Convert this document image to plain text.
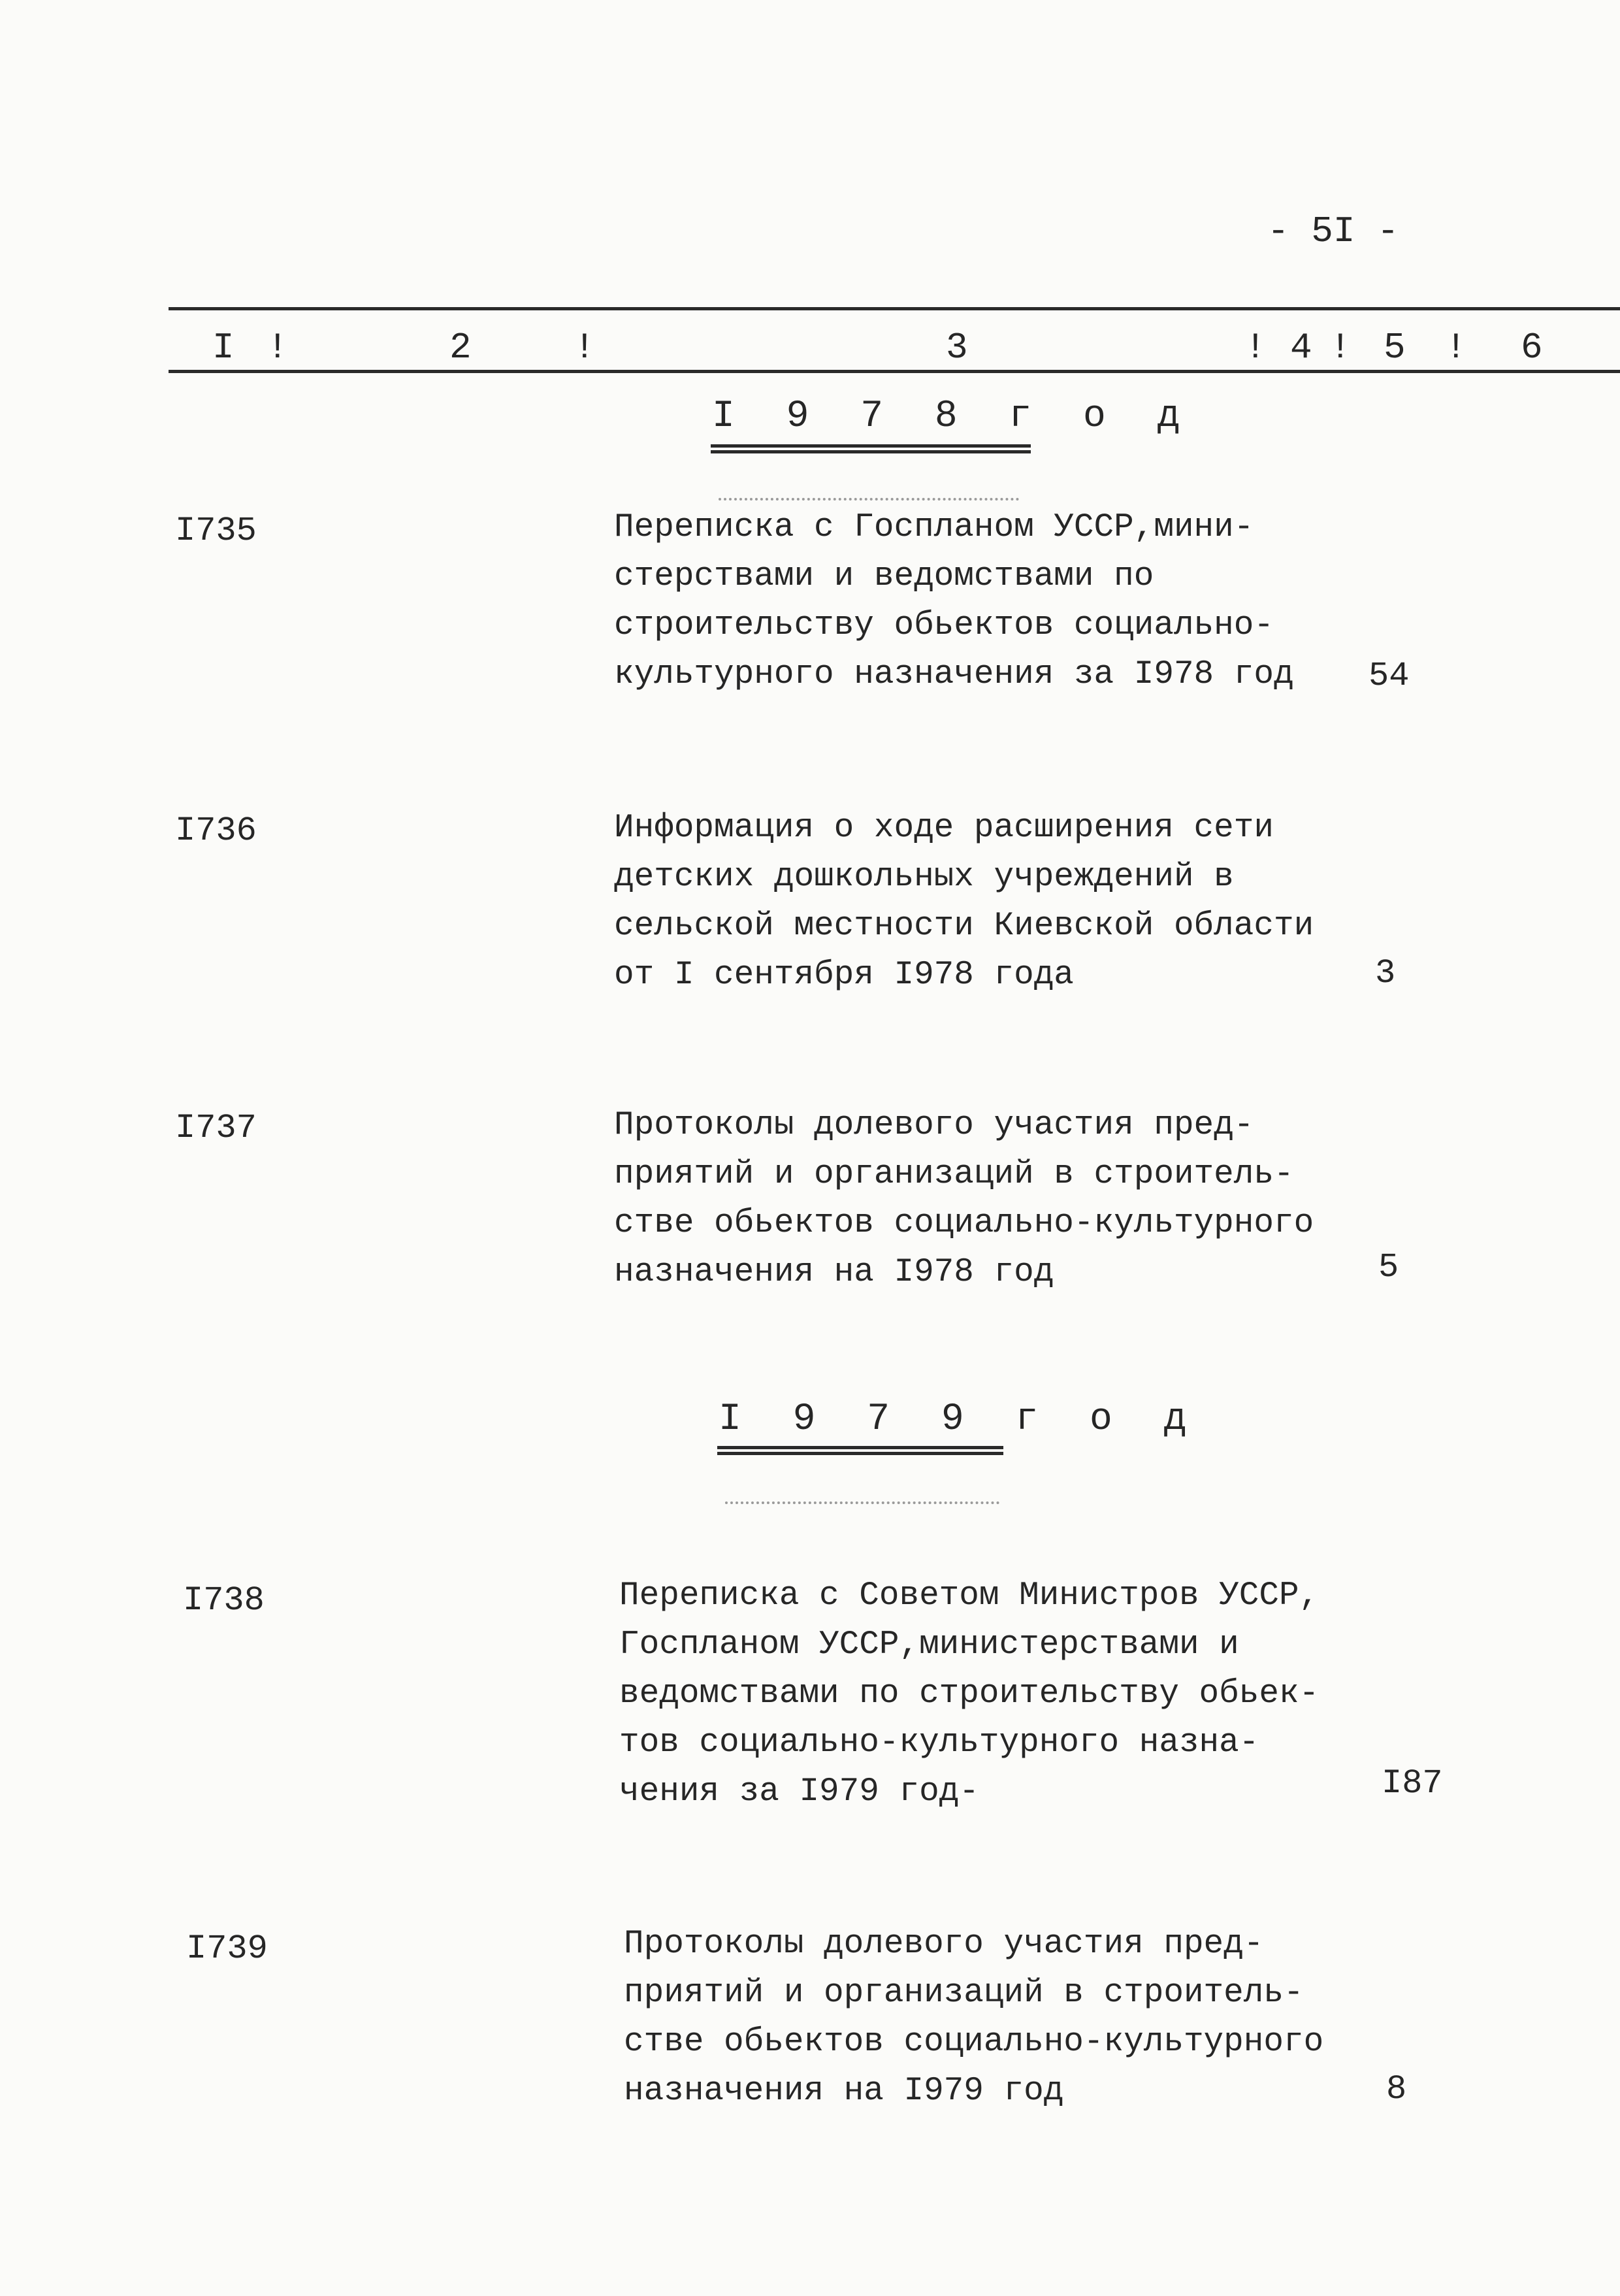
- 5I -
I !	2	!	3	! 4 ! 5 ! 6
I 9 7 8 г о д
I735	Переписка с Госпланом УССР,мини-
стерствами и ведомствами по
строительству обьектов социально-
культурного назначения за I978 год 54
I736	Информация о ходе расширения сети
детских дошкольных учреждений в
сельской местности Киевской области
от I сентября I978 года	3
I737	Протоколы долевого участия пред-
приятий и организаций в строитель-
стве обьектов социально-культурного
назначения на I978 год	5
I 9 7 9 г о д
I738	Переписка с Советом Министров УССР,
Госпланом УССР,министерствами и
ведомствами по строительству обьек-
тов социально-культурного назна-
чения за I979 год-	I87
I739	Протоколы долевого участия пред-
приятий и организаций в строитель-
стве обьектов социально-культурного
назначения на I979 год	8
